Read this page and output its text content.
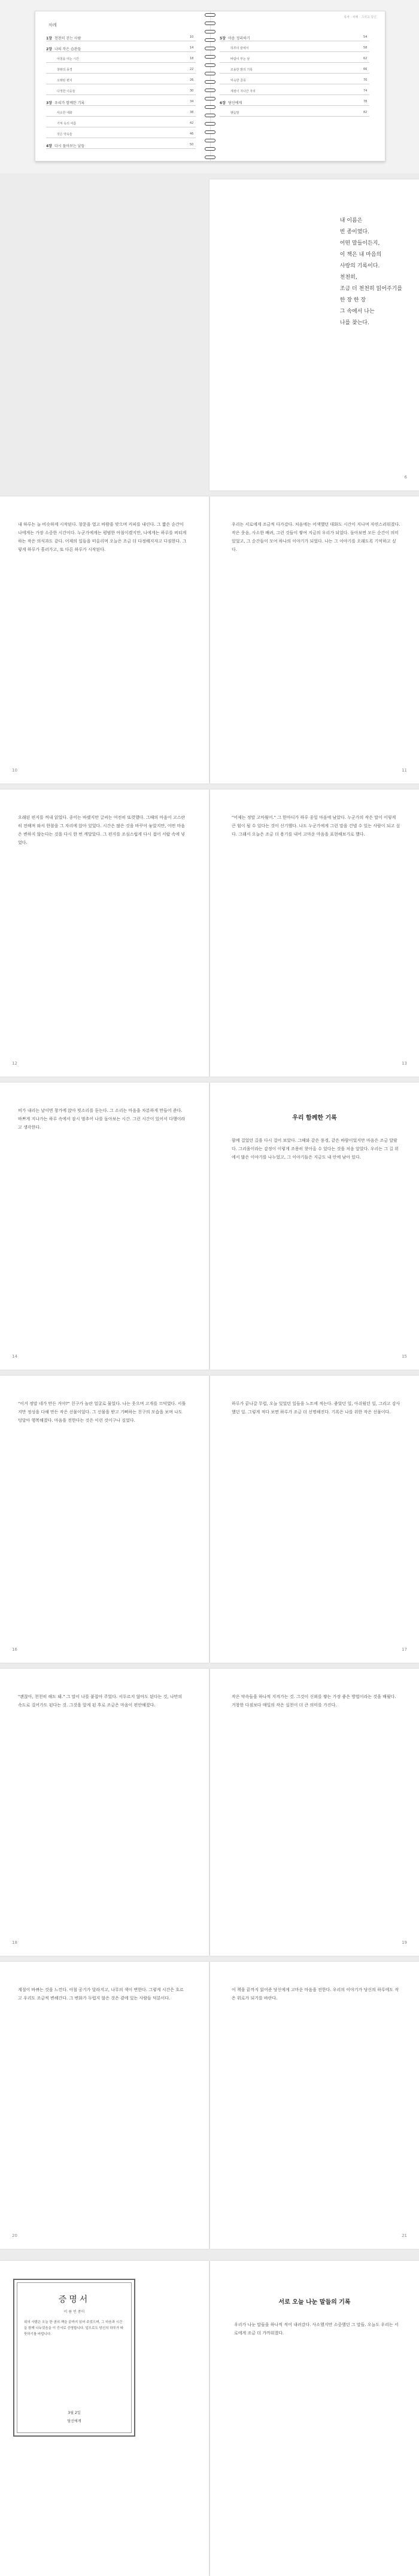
목차 · 차례 · 그리고 당신
차례
1장 천천히 걷는 사람	10
2장 나의 작은 습관들	14
아침을 여는 시간	18
창밖의 풍경	22
오래된 편지	26
다정한 이웃들	30
3장 우리가 함께한 기록	34
사소한 대화	38
기억 속의 여름	42
작은 약속들	46
4장 다시 돌아보는 날들	50
5장 마음 정리하기	54
하루의 끝에서	58
바람이 부는 날	62
조용한 밤의 기록	66
익숙한 골목	70
계절이 지나간 자리	74
6장 당신에게	78
맺음말	82
내 이름은
빈 종이였다.
어떤 말들이든지,
이 책은 내 마음의
사랑의 기록이다.
천천히,
조금 더 천천히 읽어주기를
한 장 한 장
그 속에서 나는
나를 찾는다.
6
내 하루는 늘 비슷하게 시작된다. 창문을 열고 바람을 맞으며 커피를 내린다. 그 짧은 순간이 나에게는 가장 소중한 시간이다. 누군가에게는 평범한 아침이겠지만, 나에게는 하루를 버티게 하는 작은 의식과도 같다. 어제의 일들을 떠올리며 오늘은 조금 더 다정해지자고 다짐한다. 그렇게 하루가 흘러가고, 또 다른 하루가 시작된다.
10
우리는 서로에게 조금씩 다가갔다. 처음에는 어색했던 대화도 시간이 지나며 자연스러워졌다. 작은 웃음, 사소한 배려, 그런 것들이 쌓여 지금의 우리가 되었다. 돌아보면 모든 순간이 의미 있었고, 그 순간들이 모여 하나의 이야기가 되었다. 나는 그 이야기를 오래도록 기억하고 싶다.
11
오래된 편지를 꺼내 읽었다. 종이는 바랬지만 글씨는 여전히 또렷했다. 그때의 마음이 고스란히 전해져 와서 한참을 그 자리에 앉아 있었다. 시간은 많은 것을 바꾸어 놓았지만, 어떤 마음은 변하지 않는다는 것을 다시 한 번 깨달았다. 그 편지를 조심스럽게 다시 접어 서랍 속에 넣었다.
12
"어제는 정말 고마웠어." 그 한마디가 하루 종일 마음에 남았다. 누군가의 작은 말이 이렇게 큰 힘이 될 수 있다는 것이 신기했다. 나도 누군가에게 그런 말을 건넬 수 있는 사람이 되고 싶다. 그래서 오늘은 조금 더 용기를 내어 고마운 마음을 표현해보기로 했다.
13
비가 내리는 날이면 창가에 앉아 빗소리를 듣는다. 그 소리는 마음을 차분하게 만들어 준다. 바쁘게 지나가는 하루 속에서 잠시 멈추어 나를 돌아보는 시간. 그런 시간이 있어서 다행이라고 생각한다.
14
우리 함께한 기록
함께 걸었던 길을 다시 걸어 보았다. 그때와 같은 풍경, 같은 바람이었지만 마음은 조금 달랐다. 그리움이라는 감정이 이렇게 조용히 찾아올 수 있다는 것을 처음 알았다. 우리는 그 길 위에서 많은 이야기를 나누었고, 그 이야기들은 지금도 내 안에 남아 있다.
15
"이거 정말 네가 만든 거야?" 친구가 놀란 얼굴로 물었다. 나는 웃으며 고개를 끄덕였다. 서툴지만 정성을 다해 만든 작은 선물이었다. 그 선물을 받고 기뻐하는 친구의 모습을 보며 나도 덩달아 행복해졌다. 마음을 전한다는 것은 이런 것이구나 싶었다.
16
하루가 끝나갈 무렵, 오늘 있었던 일들을 노트에 적는다. 좋았던 일, 아쉬웠던 일, 그리고 감사했던 일. 그렇게 적다 보면 하루가 조금 더 선명해진다. 기록은 나를 위한 작은 선물이다.
17
"괜찮아, 천천히 해도 돼." 그 말이 나를 붙잡아 주었다. 서두르지 않아도 된다는 것, 나만의 속도로 걸어가도 된다는 것. 그것을 알게 된 후로 조금은 마음이 편안해졌다.
18
작은 약속들을 하나씩 지켜가는 것. 그것이 신뢰를 쌓는 가장 좋은 방법이라는 것을 배웠다. 거창한 다짐보다 매일의 작은 실천이 더 큰 의미를 가진다.
19
계절이 바뀌는 것을 느낀다. 아침 공기가 달라지고, 나무의 색이 변한다. 그렇게 시간은 흐르고 우리도 조금씩 변해간다. 그 변화가 두렵지 않은 것은 곁에 있는 사람들 덕분이다.
20
이 책을 끝까지 읽어준 당신에게 고마운 마음을 전한다. 우리의 이야기가 당신의 하루에도 작은 위로가 되기를 바란다.
21
증명서
이 름 빈 종이
위의 사람은 오늘 한 권의 책을 끝까지 읽어 주었으며, 그 마음과 시간을 함께 나누었음을 이 증서로 증명합니다. 앞으로도 당신의 하루가 따뜻하기를 바랍니다.
3월 2일
당신에게
서로 오늘 나눈 말들의 기록
우리가 나눈 말들을 하나씩 적어 내려갔다. 사소했지만 소중했던 그 말들. 오늘도 우리는 서로에게 조금 더 가까워졌다.
